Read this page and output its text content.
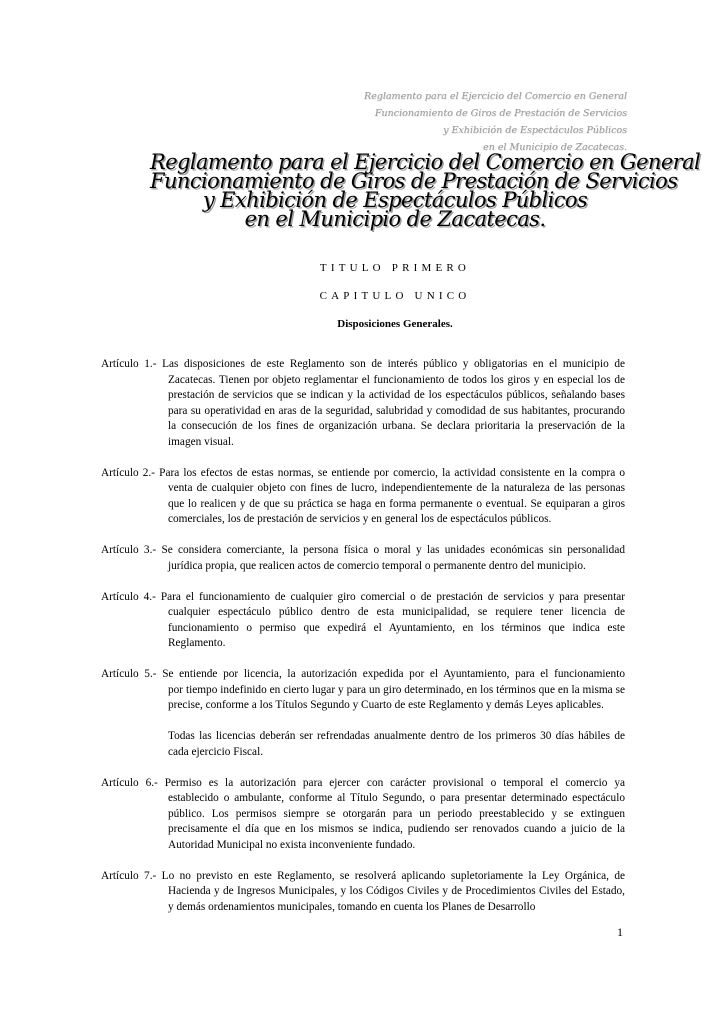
Reglamento para el Ejercicio del Comercio en General
Funcionamiento de Giros de Prestación de Servicios
y Exhibición de Espectáculos Públicos
en el Municipio de Zacatecas.
Reglamento para el Ejercicio del Comercio en General
Funcionamiento de Giros de Prestación de Servicios
y Exhibición de Espectáculos Públicos
en el Municipio de Zacatecas.
TITULO PRIMERO
CAPITULO UNICO
Disposiciones Generales.
Artículo 1.- Las disposiciones de este Reglamento son de interés público y obligatorias en el municipio de
Zacatecas. Tienen por objeto reglamentar el funcionamiento de todos los giros y en especial los de prestación de servicios que se indican y la actividad de los espectáculos públicos, señalando bases para su operatividad en aras de la seguridad, salubridad y comodidad de sus habitantes, procurando la consecución de los fines de organización urbana. Se declara prioritaria la preservación de la imagen visual.
Artículo 2.- Para los efectos de estas normas, se entiende por comercio, la actividad consistente en la compra o
venta de cualquier objeto con fines de lucro, independientemente de la naturaleza de las personas que lo realicen y de que su práctica se haga en forma permanente o eventual. Se equiparan a giros comerciales, los de prestación de servicios y en general los de espectáculos públicos.
Artículo 3.- Se considera comerciante, la persona física o moral y las unidades económicas sin personalidad
jurídica propia, que realicen actos de comercio temporal o permanente dentro del municipio.
Artículo 4.- Para el funcionamiento de cualquier giro comercial o de prestación de servicios y para presentar
cualquier espectáculo público dentro de esta municipalidad, se requiere tener licencia de funcionamiento o permiso que expedirá el Ayuntamiento, en los términos que indica este Reglamento.
Artículo 5.- Se entiende por licencia, la autorización expedida por el Ayuntamiento, para el funcionamiento
por tiempo indefinido en cierto lugar y para un giro determinado, en los términos que en la misma se precise, conforme a los Títulos Segundo y Cuarto de este Reglamento y demás Leyes aplicables.
Todas las licencias deberán ser refrendadas anualmente dentro de los primeros 30 días hábiles de cada ejercicio Fiscal.
Artículo 6.- Permiso es la autorización para ejercer con carácter provisional o temporal el comercio ya
establecido o ambulante, conforme al Título Segundo, o para presentar determinado espectáculo público. Los permisos siempre se otorgarán para un periodo preestablecido y se extinguen precisamente el día que en los mismos se indica, pudiendo ser renovados cuando a juicio de la Autoridad Municipal no exista inconveniente fundado.
Artículo 7.- Lo no previsto en este Reglamento, se resolverá aplicando supletoriamente la Ley Orgánica, de
Hacienda y de Ingresos Municipales, y los Códigos Civiles y de Procedimientos Civiles del Estado, y demás ordenamientos municipales, tomando en cuenta los Planes de Desarrollo
1
